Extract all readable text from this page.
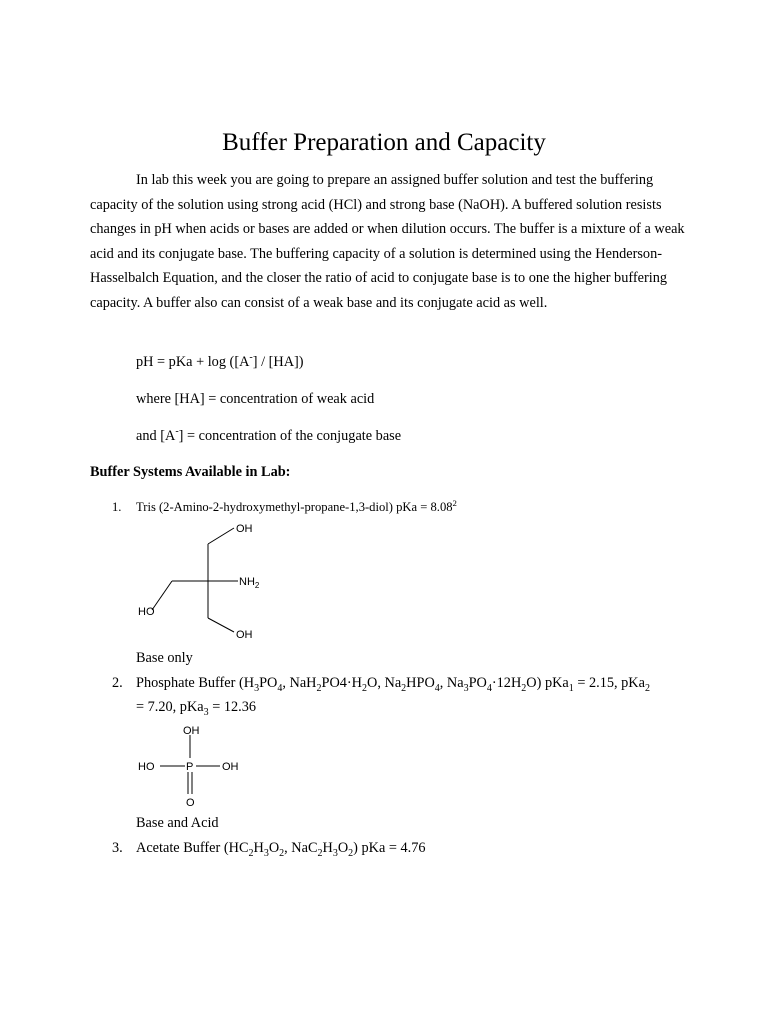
Buffer Preparation and Capacity
In lab this week you are going to prepare an assigned buffer solution and test the buffering capacity of the solution using strong acid (HCl) and strong base (NaOH). A buffered solution resists changes in pH when acids or bases are added or when dilution occurs. The buffer is a mixture of a weak acid and its conjugate base. The buffering capacity of a solution is determined using the Henderson-Hasselbalch Equation, and the closer the ratio of acid to conjugate base is to one the higher buffering capacity. A buffer also can consist of a weak base and its conjugate acid as well.
pH = pKa + log ([A-] / [HA])
where [HA] = concentration of weak acid
and [A-] = concentration of the conjugate base
Buffer Systems Available in Lab:
1. Tris (2-Amino-2-hydroxymethyl-propane-1,3-diol) pKa = $8.08^2$
OH
$NH_2$
HO
OH
Base only
2. Phosphate Buffer ($H_3PO_4$, $NaH_2PO4\cdot H_2O$, $Na_2HPO_4$, $Na_3PO_4\cdot 12H_2O$) pKa$_1$ = 2.15, pKa$_2$
= 7.20, pKa$_3$ = 12.36
OH
HO	P	OH
O
Base and Acid
3. Acetate Buffer ($HC_2H_3O_2$, $NaC_2H_3O_2$) pKa = 4.76
